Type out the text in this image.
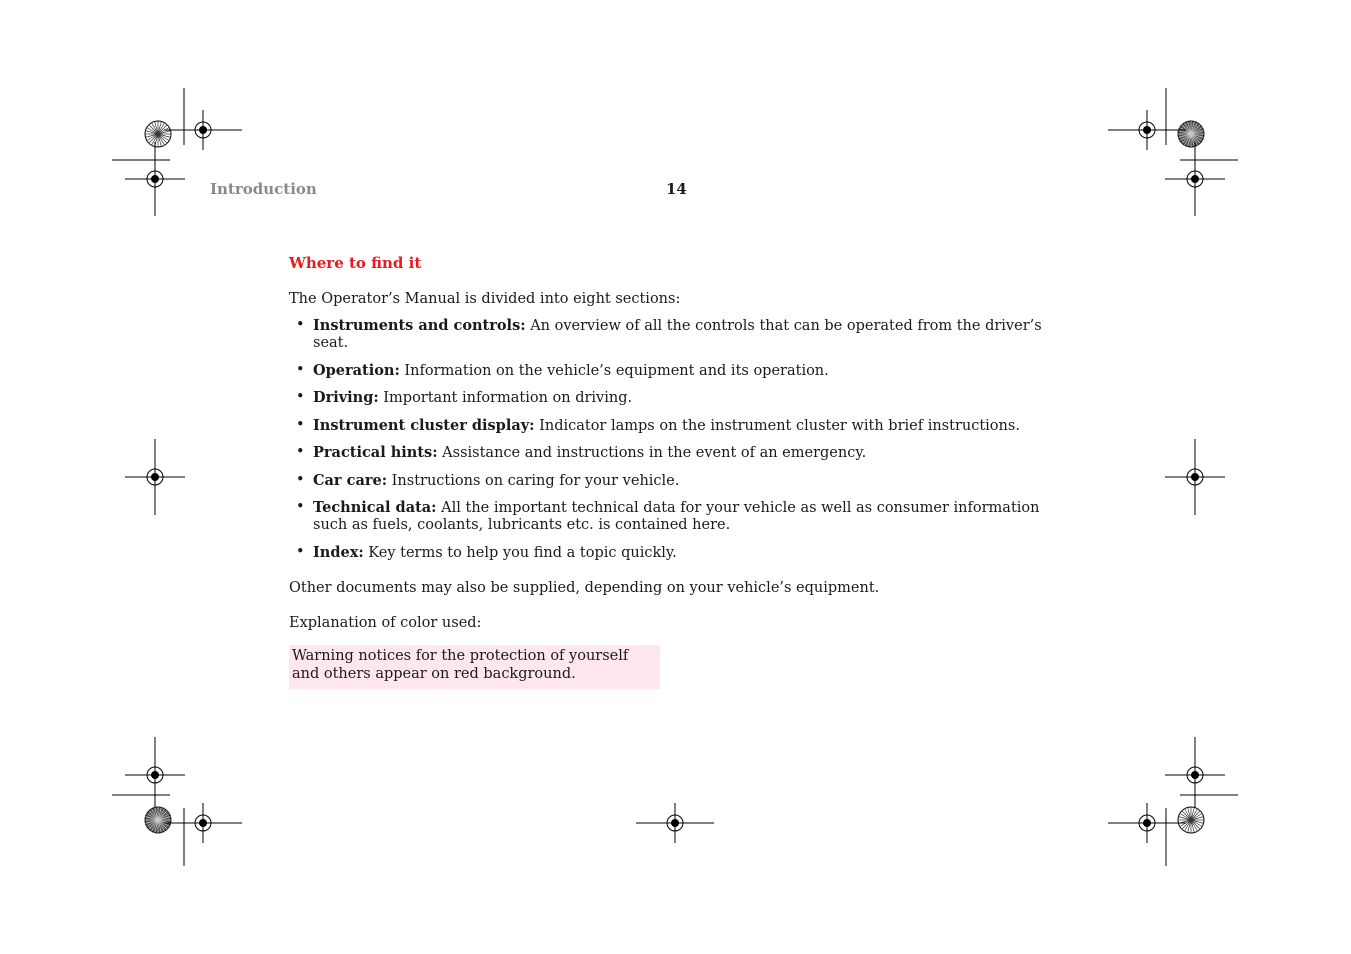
Introduction	14
Where to find it

The Operator’s Manual is divided into eight sections:

• Instruments and controls: An overview of all the controls that can be operated from the driver’s seat.
• Operation: Information on the vehicle’s equipment and its operation.
• Driving: Important information on driving.
• Instrument cluster display: Indicator lamps on the instrument cluster with brief instructions.
• Practical hints: Assistance and instructions in the event of an emergency.
• Car care: Instructions on caring for your vehicle.
• Technical data: All the important technical data for your vehicle as well as consumer information such as fuels, coolants, lubricants etc. is contained here.
• Index: Key terms to help you find a topic quickly.

Other documents may also be supplied, depending on your vehicle’s equipment.

Explanation of color used:

Warning notices for the protection of yourself and others appear on red background.
